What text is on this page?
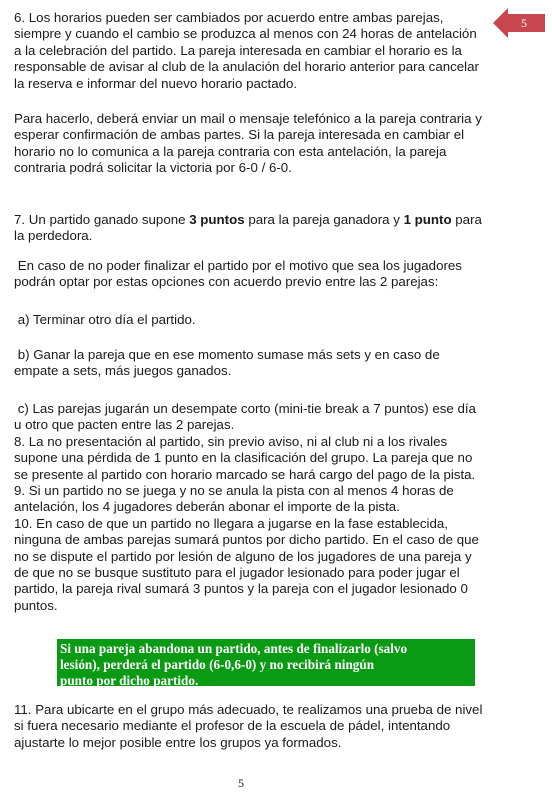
5

6. Los horarios pueden ser cambiados por acuerdo entre ambas parejas,
siempre y cuando el cambio se produzca al menos con 24 horas de antelación
a la celebración del partido. La pareja interesada en cambiar el horario es la
responsable de avisar al club de la anulación del horario anterior para cancelar
la reserva e informar del nuevo horario pactado.

Para hacerlo, deberá enviar un mail o mensaje telefónico a la pareja contraria y
esperar confirmación de ambas partes. Si la pareja interesada en cambiar el
horario no lo comunica a la pareja contraria con esta antelación, la pareja
contraria podrá solicitar la victoria por 6-0 / 6-0.

7. Un partido ganado supone 3 puntos para la pareja ganadora y 1 punto para
la perdedora.

En caso de no poder finalizar el partido por el motivo que sea los jugadores
podrán optar por estas opciones con acuerdo previo entre las 2 parejas:

a) Terminar otro día el partido.

b) Ganar la pareja que en ese momento sumase más sets y en caso de
empate a sets, más juegos ganados.

c) Las parejas jugarán un desempate corto (mini-tie break a 7 puntos) ese día
u otro que pacten entre las 2 parejas.
8. La no presentación al partido, sin previo aviso, ni al club ni a los rivales
supone una pérdida de 1 punto en la clasificación del grupo. La pareja que no
se presente al partido con horario marcado se hará cargo del pago de la pista.
9. Si un partido no se juega y no se anula la pista con al menos 4 horas de
antelación, los 4 jugadores deberán abonar el importe de la pista.
10. En caso de que un partido no llegara a jugarse en la fase establecida,
ninguna de ambas parejas sumará puntos por dicho partido. En el caso de que
no se dispute el partido por lesión de alguno de los jugadores de una pareja y
de que no se busque sustituto para el jugador lesionado para poder jugar el
partido, la pareja rival sumará 3 puntos y la pareja con el jugador lesionado 0
puntos.

Si una pareja abandona un partido, antes de finalizarlo (salvo
lesión), perderá el partido (6-0,6-0) y no recibirá ningún
punto por dicho partido.

11. Para ubicarte en el grupo más adecuado, te realizamos una prueba de nivel
si fuera necesario mediante el profesor de la escuela de pádel, intentando
ajustarte lo mejor posible entre los grupos ya formados.

5
